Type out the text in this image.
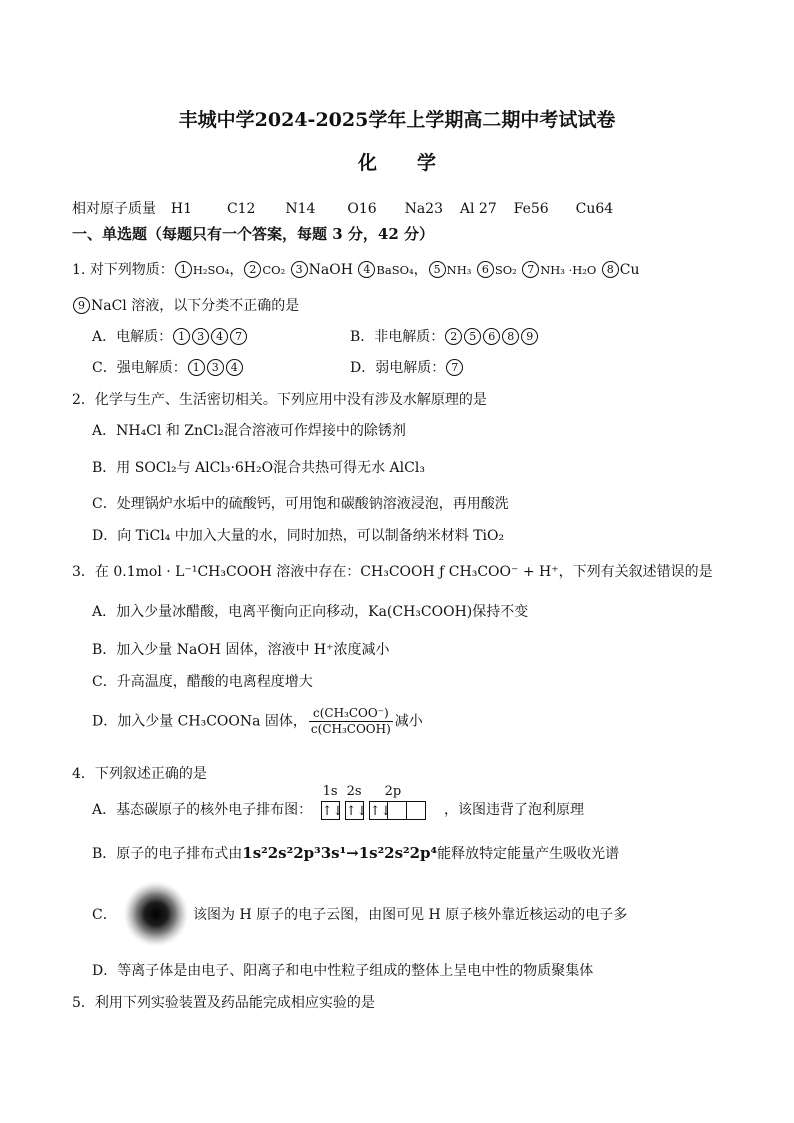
丰城中学2024-2025学年上学期高二期中考试试卷
化 学
相对原子质量 H1 C12 N14 O16 Na23 Al 27 Fe56 Cu64
一、单选题（每题只有一个答案，每题 3 分，42 分）
1. 对下列物质： 1 H₂SO₄， 2 CO₂ 3 NaOH 4 BaSO₄， 5 NH₃ 6 SO₂ 7 NH₃ ·H₂O 8 Cu
9 NaCl 溶液，以下分类不正确的是
A．电解质： 1 3 4 7	B．非电解质： 2 5 6 8 9
C．强电解质： 1 3 4	D．弱电解质： 7
2．化学与生产、生活密切相关。下列应用中没有涉及水解原理的是
A．NH₄Cl 和 ZnCl₂混合溶液可作焊接中的除锈剂
B．用 SOCl₂与 AlCl₃·6H₂O混合共热可得无水 AlCl₃
C．处理锅炉水垢中的硫酸钙，可用饱和碳酸钠溶液浸泡，再用酸洗
D．向 TiCl₄ 中加入大量的水，同时加热，可以制备纳米材料 TiO₂
3．在 0.1mol · L⁻¹CH₃COOH 溶液中存在：CH₃COOH ƒ CH₃COO⁻ + H⁺，下列有关叙述错误的是
A．加入少量冰醋酸，电离平衡向正向移动，Ka(CH₃COOH)保持不变
B．加入少量 NaOH 固体，溶液中 H⁺浓度减小
C．升高温度，醋酸的电离程度增大
D．加入少量 CH₃COONa 固体， $\frac{\text{c(CH₃COO⁻)}}{\text{c(CH₃COOH)}}$ 减小
4．下列叙述正确的是
A．基态碳原子的核外电子排布图：
1s
↑↓
2s
↑↓
2p
↑↓	，该图违背了泡利原理
B．原子的电子排布式由1s²2s²2p³3s¹→1s²2s²2p⁴能释放特定能量产生吸收光谱
C．	该图为 H 原子的电子云图，由图可见 H 原子核外靠近核运动的电子多
D．等离子体是由电子、阳离子和电中性粒子组成的整体上呈电中性的物质聚集体
5．利用下列实验装置及药品能完成相应实验的是
